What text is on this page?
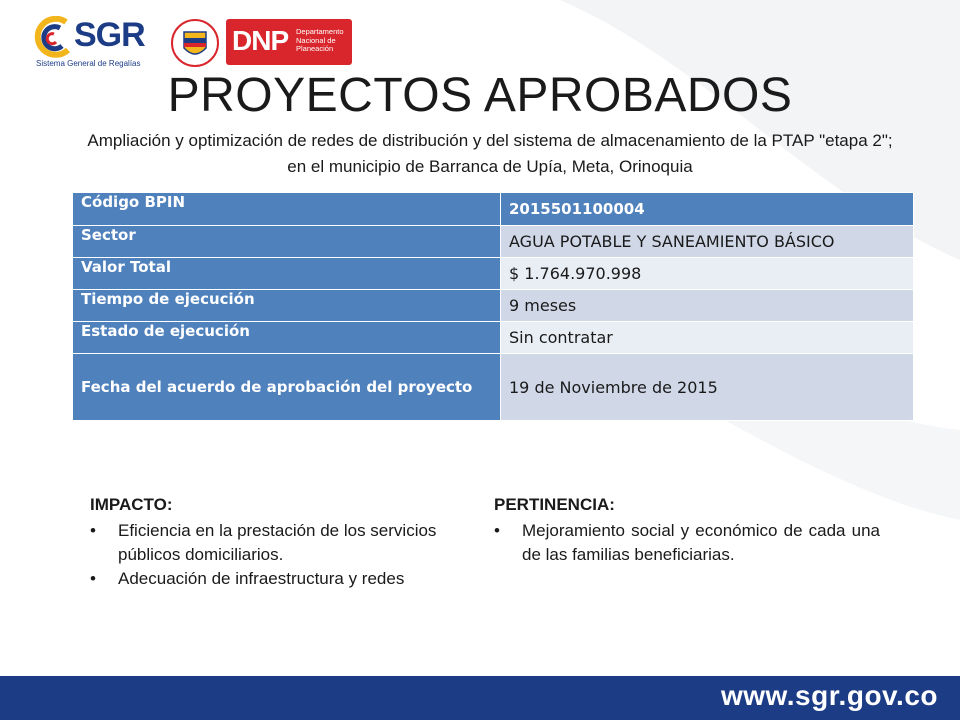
SGR
Sistema General de Regalías
DNP Departamento Nacional de Planeación
PROYECTOS APROBADOS
Ampliación y optimización de redes de distribución y del sistema de almacenamiento de la PTAP "etapa 2"; en el municipio de Barranca de Upía, Meta, Orinoquia
Código BPIN	2015501100004
Sector	AGUA POTABLE Y SANEAMIENTO BÁSICO
Valor Total	$ 1.764.970.998
Tiempo de ejecución	9 meses
Estado de ejecución	Sin contratar
Fecha del acuerdo de aprobación del proyecto	19 de Noviembre de 2015
IMPACTO:
• Eficiencia en la prestación de los servicios públicos domiciliarios.
• Adecuación de infraestructura y redes
PERTINENCIA:
• Mejoramiento social y económico de cada una de las familias beneficiarias.
www.sgr.gov.co
